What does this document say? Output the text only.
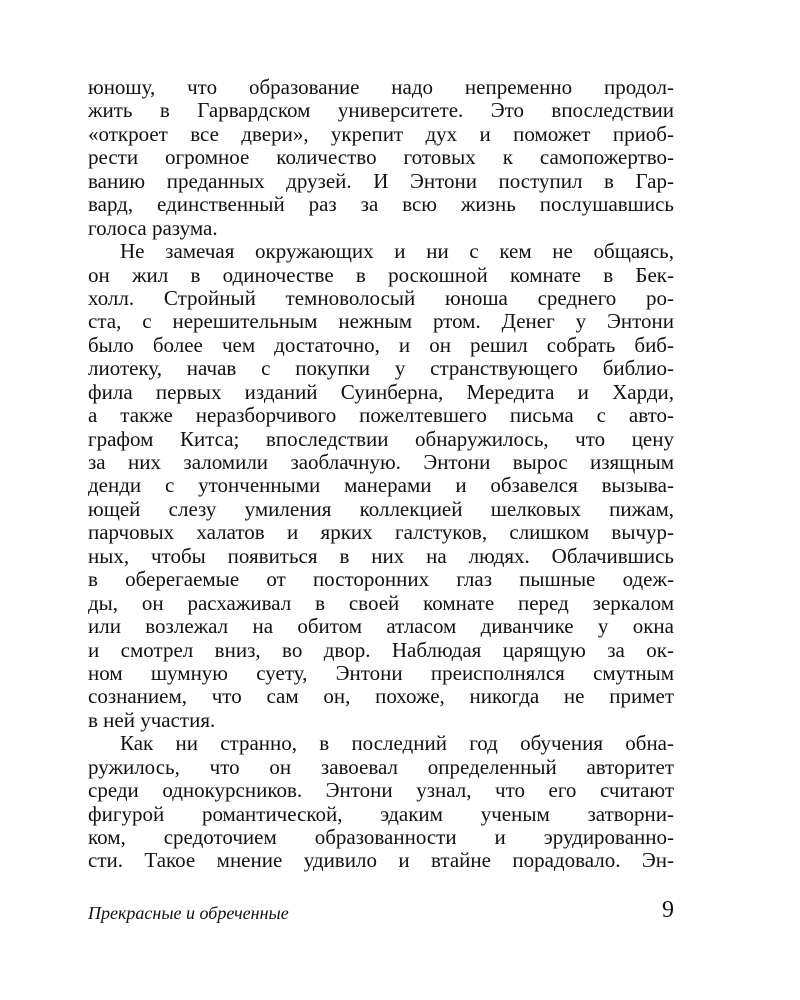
юношу, что образование надо непременно продол-
жить в Гарвардском университете. Это впоследствии
«откроет все двери», укрепит дух и поможет приоб-
рести огромное количество готовых к самопожертво-
ванию преданных друзей. И Энтони поступил в Гар-
вард, единственный раз за всю жизнь послушавшись
голоса разума.
Не замечая окружающих и ни с кем не общаясь,
он жил в одиночестве в роскошной комнате в Бек-
холл. Стройный темноволосый юноша среднего ро-
ста, с нерешительным нежным ртом. Денег у Энтони
было более чем достаточно, и он решил собрать биб-
лиотеку, начав с покупки у странствующего библио-
фила первых изданий Суинберна, Мередита и Харди,
а также неразборчивого пожелтевшего письма с авто-
графом Китса; впоследствии обнаружилось, что цену
за них заломили заоблачную. Энтони вырос изящным
денди с утонченными манерами и обзавелся вызыва-
ющей слезу умиления коллекцией шелковых пижам,
парчовых халатов и ярких галстуков, слишком вычур-
ных, чтобы появиться в них на людях. Облачившись
в оберегаемые от посторонних глаз пышные одеж-
ды, он расхаживал в своей комнате перед зеркалом
или возлежал на обитом атласом диванчике у окна
и смотрел вниз, во двор. Наблюдая царящую за ок-
ном шумную суету, Энтони преисполнялся смутным
сознанием, что сам он, похоже, никогда не примет
в ней участия.
Как ни странно, в последний год обучения обна-
ружилось, что он завоевал определенный авторитет
среди однокурсников. Энтони узнал, что его считают
фигурой романтической, эдаким ученым затворни-
ком, средоточием образованности и эрудированно-
сти. Такое мнение удивило и втайне порадовало. Эн-
Прекрасные и обреченные	9
